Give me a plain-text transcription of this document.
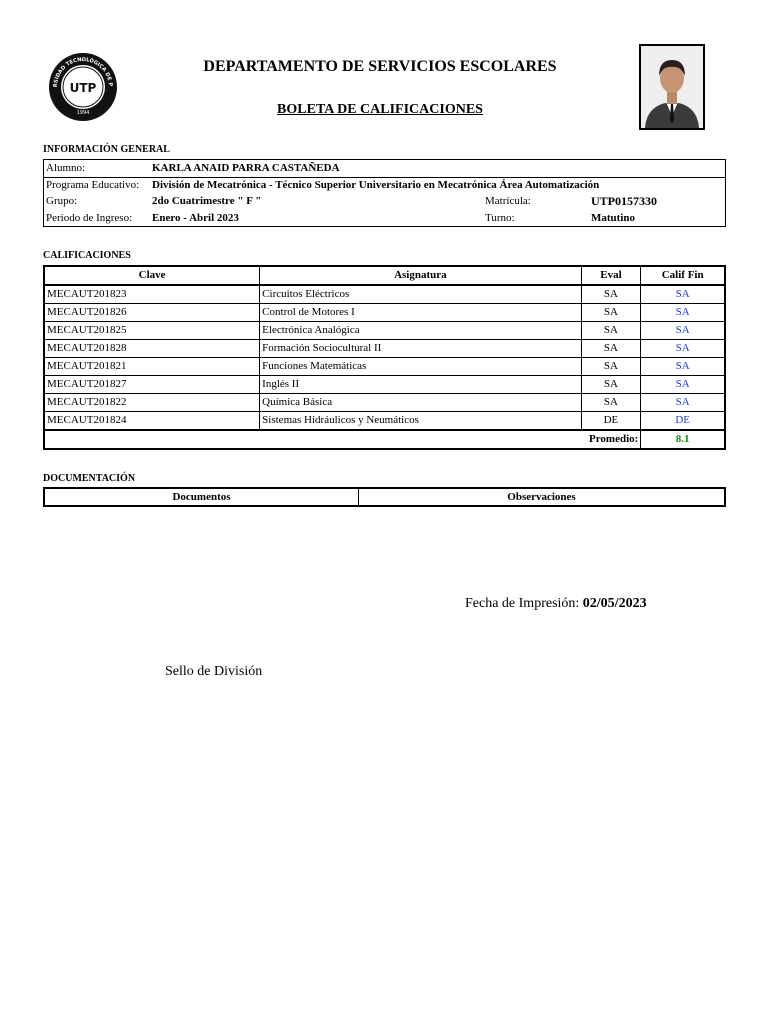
RSIDAD TECNOLÓGICA DE P
UTP
1994
DEPARTAMENTO DE SERVICIOS ESCOLARES
BOLETA DE CALIFICACIONES
INFORMACIÓN GENERAL
Alumno:	KARLA ANAID PARRA CASTAÑEDA
Programa Educativo: División de Mecatrónica - Técnico Superior Universitario en Mecatrónica Área Automatización
Grupo:	2do Cuatrimestre " F "	Matrícula:	UTP0157330
Periodo de Ingreso: Enero - Abril 2023	Turno:	Matutino
CALIFICACIONES
Clave	Asignatura	Eval	Calif Fin
MECAUT201823	Circuitos Eléctricos	SA	SA
MECAUT201826	Control de Motores I	SA	SA
MECAUT201825	Electrónica Analógica	SA	SA
MECAUT201828	Formación Sociocultural II	SA	SA
MECAUT201821	Funciones Matemáticas	SA	SA
MECAUT201827	Inglés II	SA	SA
MECAUT201822	Química Básica	SA	SA
MECAUT201824	Sistemas Hidráulicos y Neumáticos	DE	DE
Promedio:			8.1
DOCUMENTACIÓN
Documentos	Observaciones
Fecha de Impresión: 02/05/2023
Sello de División
